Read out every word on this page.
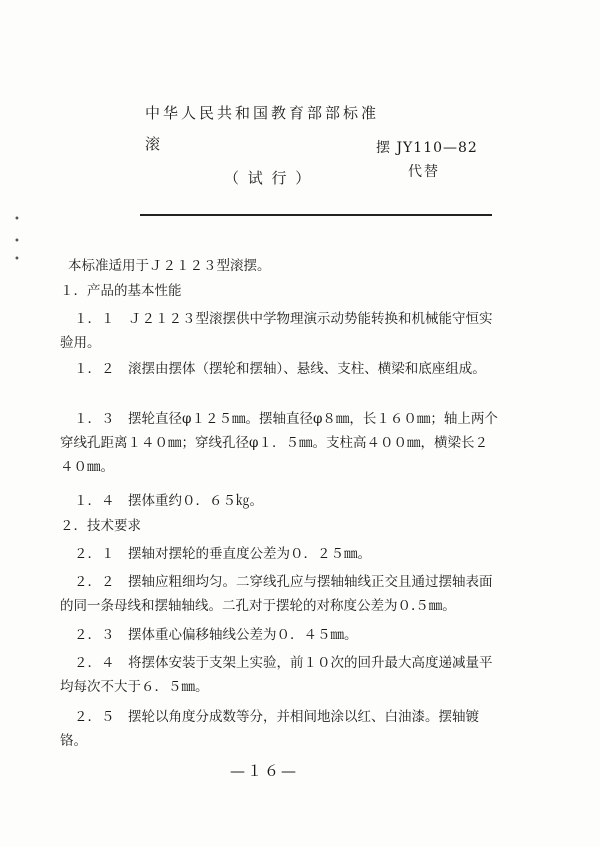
中华人民共和国教育部部标准
滚	摆 JY110—82
代替
（ 试 行 ）
•
•
•	本标准适用于Ｊ２１２３型滚摆。
１．产品的基本性能
１．１　Ｊ２１２３型滚摆供中学物理演示动势能转换和机械能守恒实验用。
１．２　滚摆由摆体（摆轮和摆轴）、悬线、支柱、横梁和底座组成。
１．３　摆轮直径φ１２５㎜。摆轴直径φ８㎜，长１６０㎜；轴上两个穿线孔距离１４０㎜；穿线孔径φ１．５㎜。支柱高４００㎜，横梁长２４０㎜。
１．４　摆体重约０．６５㎏。
２．技术要求
２．１　摆轴对摆轮的垂直度公差为０．２５㎜。
２．２　摆轴应粗细均匀。二穿线孔应与摆轴轴线正交且通过摆轴表面的同一条母线和摆轴轴线。二孔对于摆轮的对称度公差为０.５㎜。
２．３　摆体重心偏移轴线公差为０．４５㎜。
２．４　将摆体安装于支架上实验，前１０次的回升最大高度递减量平均每次不大于６．５㎜。
２．５　摆轮以角度分成数等分，并相间地涂以红、白油漆。摆轴镀铬。
—１６—
